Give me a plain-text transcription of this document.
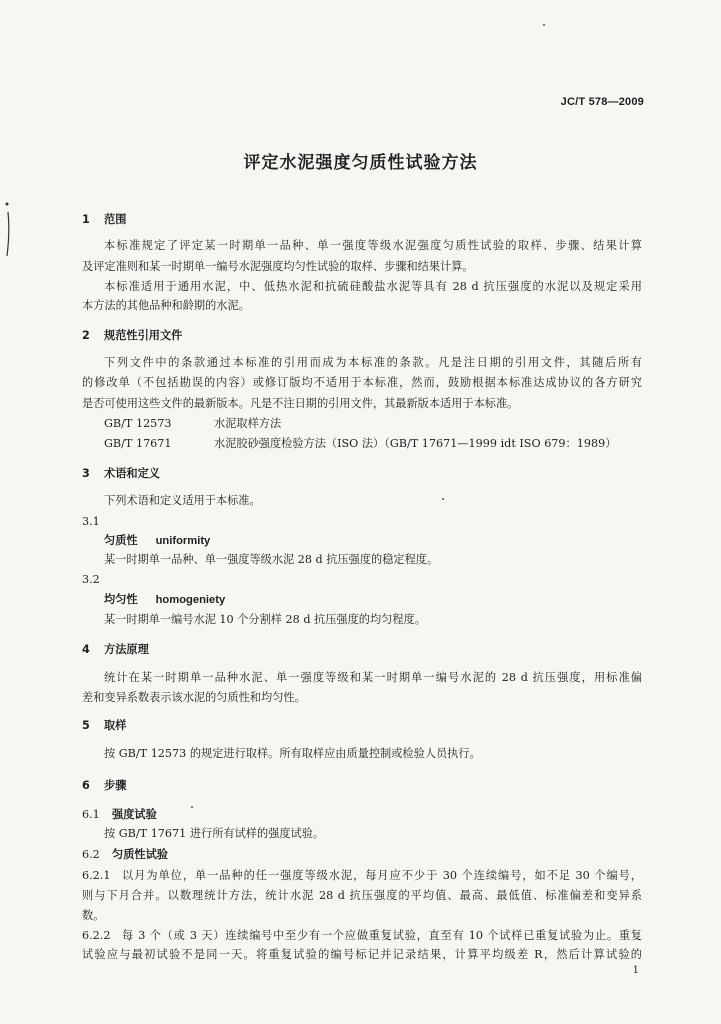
JC/T 578—2009
评定水泥强度匀质性试验方法
1 范围
本标准规定了评定某一时期单一品种、单一强度等级水泥强度匀质性试验的取样、步骤、结果计算
及评定准则和某一时期单一编号水泥强度均匀性试验的取样、步骤和结果计算。
本标准适用于通用水泥，中、低热水泥和抗硫硅酸盐水泥等具有 28 d 抗压强度的水泥以及规定采用
本方法的其他品种和龄期的水泥。
2 规范性引用文件
下列文件中的条款通过本标准的引用而成为本标准的条款。凡是注日期的引用文件，其随后所有
的修改单（不包括勘误的内容）或修订版均不适用于本标准，然而，鼓励根据本标准达成协议的各方研究
是否可使用这些文件的最新版本。凡是不注日期的引用文件，其最新版本适用于本标准。
GB/T 12573	水泥取样方法
GB/T 17671	水泥胶砂强度检验方法（ISO 法）（GB/T 17671—1999 idt ISO 679：1989）
3 术语和定义
下列术语和定义适用于本标准。
3.1
匀质性 uniformity
某一时期单一品种、单一强度等级水泥 28 d 抗压强度的稳定程度。
3.2
均匀性 homogeniety
某一时期单一编号水泥 10 个分割样 28 d 抗压强度的均匀程度。
4 方法原理
统计在某一时期单一品种水泥、单一强度等级和某一时期单一编号水泥的 28 d 抗压强度，用标准偏
差和变异系数表示该水泥的匀质性和均匀性。
5 取样
按 GB/T 12573 的规定进行取样。所有取样应由质量控制或检验人员执行。
6 步骤
6.1 强度试验
按 GB/T 17671 进行所有试样的强度试验。
6.2 匀质性试验
6.2.1 以月为单位，单一品种的任一强度等级水泥，每月应不少于 30 个连续编号，如不足 30 个编号，
则与下月合并。以数理统计方法，统计水泥 28 d 抗压强度的平均值、最高、最低值、标准偏差和变异系
数。
6.2.2 每 3 个（或 3 天）连续编号中至少有一个应做重复试验，直至有 10 个试样已重复试验为止。重复
试验应与最初试验不是同一天。将重复试验的编号标记并记录结果，计算平均级差 R，然后计算试验的
1
